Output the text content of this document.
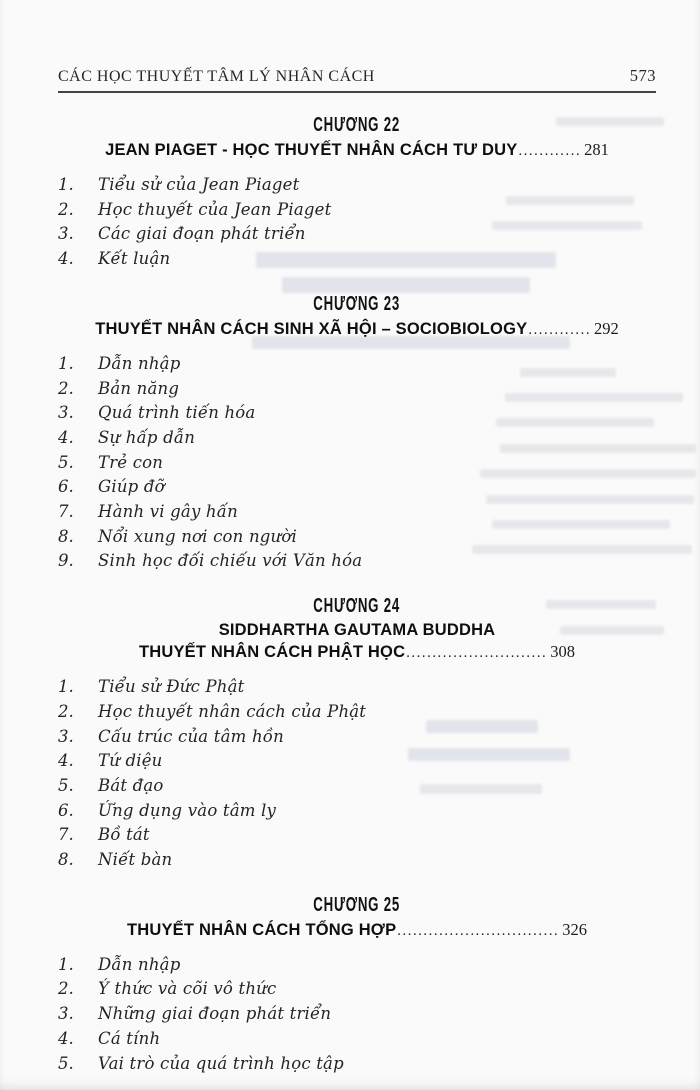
CÁC HỌC THUYẾT TÂM LÝ NHÂN CÁCH	573
CHƯƠNG 22
JEAN PIAGET - HỌC THUYẾT NHÂN CÁCH TƯ DUY ............ 281
1.	Tiểu sử của Jean Piaget
2.	Học thuyết của Jean Piaget
3.	Các giai đoạn phát triển
4.	Kết luận
CHƯƠNG 23
THUYẾT NHÂN CÁCH SINH XÃ HỘI – SOCIOBIOLOGY ............ 292
1.	Dẫn nhập
2.	Bản năng
3.	Quá trình tiến hóa
4.	Sự hấp dẫn
5.	Trẻ con
6.	Giúp đỡ
7.	Hành vi gây hấn
8.	Nổi xung nơi con người
9.	Sinh học đối chiếu với Văn hóa
CHƯƠNG 24
SIDDHARTHA GAUTAMA BUDDHA
THUYẾT NHÂN CÁCH PHẬT HỌC ........................... 308
1.	Tiểu sử Đức Phật
2.	Học thuyết nhân cách của Phật
3.	Cấu trúc của tâm hồn
4.	Tứ diệu
5.	Bát đạo
6.	Ứng dụng vào tâm ly
7.	Bồ tát
8.	Niết bàn
CHƯƠNG 25
THUYẾT NHÂN CÁCH TỔNG HỢP ............................... 326
1.	Dẫn nhập
2.	Ý thức và cõi vô thức
3.	Những giai đoạn phát triển
4.	Cá tính
5.	Vai trò của quá trình học tập
